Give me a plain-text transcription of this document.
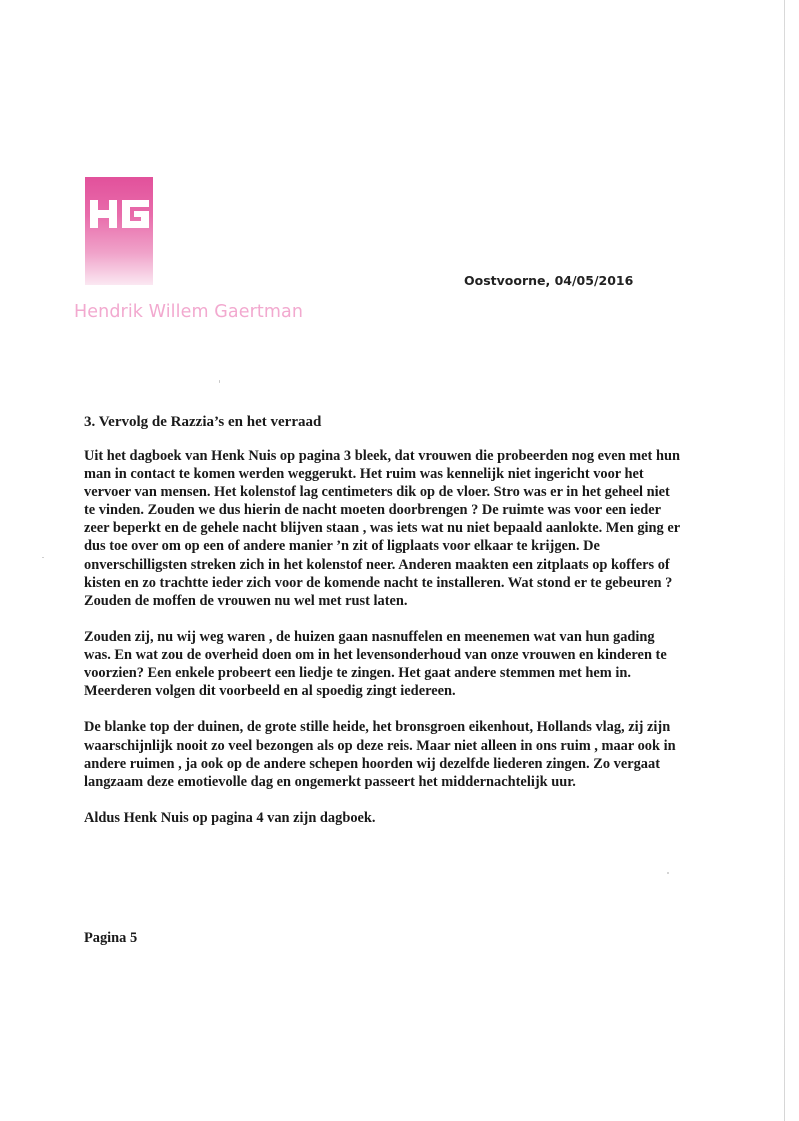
Hendrik Willem Gaertman
Oostvoorne, 04/05/2016
3. Vervolg de Razzia’s en het verraad

Uit het dagboek van Henk Nuis op pagina 3 bleek, dat vrouwen die probeerden nog even met hun man in contact te komen werden weggerukt. Het ruim was kennelijk niet ingericht voor het vervoer van mensen. Het kolenstof lag centimeters dik op de vloer. Stro was er in het geheel niet te vinden. Zouden we dus hierin de nacht moeten doorbrengen ? De ruimte was voor een ieder zeer beperkt en de gehele nacht blijven staan , was iets wat nu niet bepaald aanlokte. Men ging er dus toe over om op een of andere manier ’n zit of ligplaats voor elkaar te krijgen. De onverschilligsten streken zich in het kolenstof neer. Anderen maakten een zitplaats op koffers of kisten en zo trachtte ieder zich voor de komende nacht te installeren. Wat stond er te gebeuren ? Zouden de moffen de vrouwen nu wel met rust laten.

Zouden zij, nu wij weg waren , de huizen gaan nasnuffelen en meenemen wat van hun gading was. En wat zou de overheid doen om in het levensonderhoud van onze vrouwen en kinderen te voorzien? Een enkele probeert een liedje te zingen. Het gaat andere stemmen met hem in. Meerderen volgen dit voorbeeld en al spoedig zingt iedereen.

De blanke top der duinen, de grote stille heide, het bronsgroen eikenhout, Hollands vlag, zij zijn waarschijnlijk nooit zo veel bezongen als op deze reis. Maar niet alleen in ons ruim , maar ook in andere ruimen , ja ook op de andere schepen hoorden wij dezelfde liederen zingen. Zo vergaat langzaam deze emotievolle dag en ongemerkt passeert het middernachtelijk uur.

Aldus Henk Nuis op pagina 4 van zijn dagboek.

Pagina 5
